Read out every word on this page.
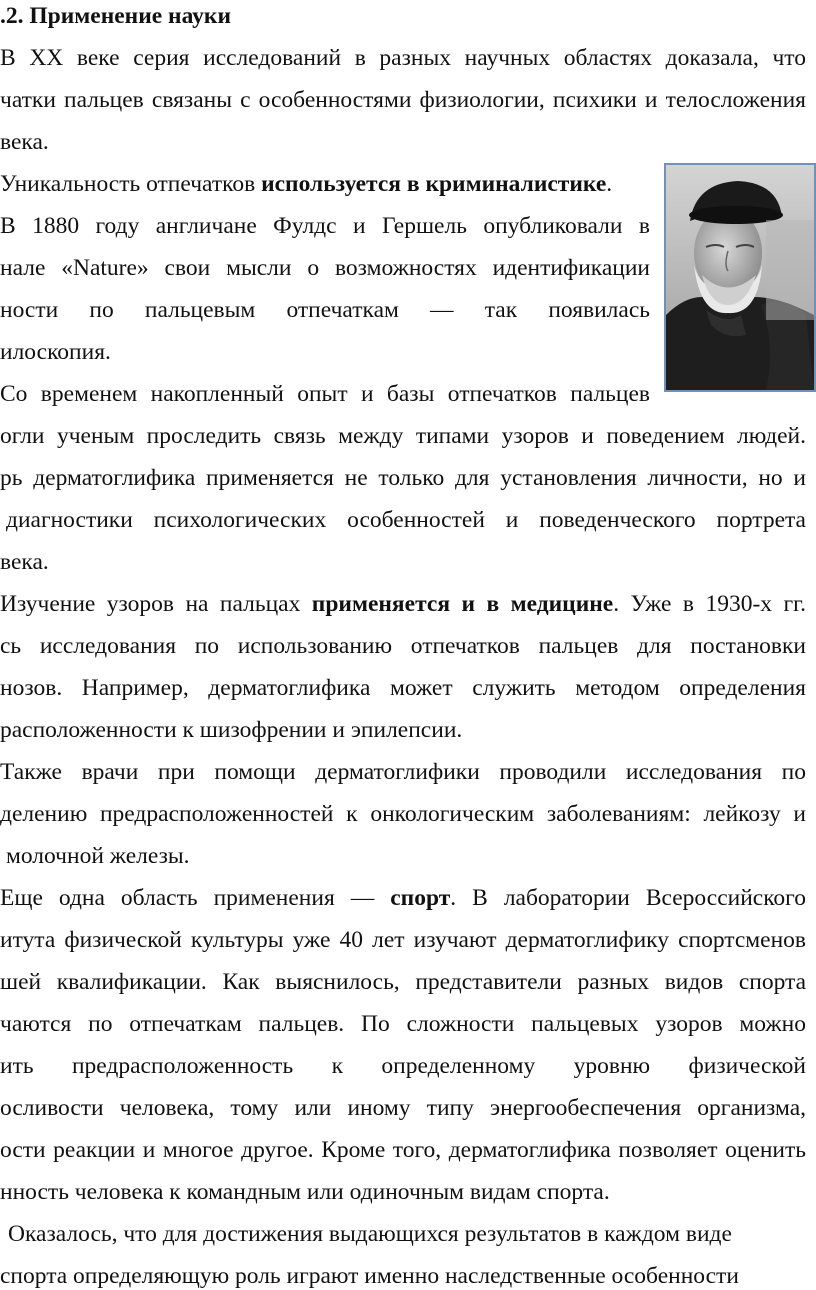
.2. Применение науки
В XX веке серия исследований в разных научных областях доказала, что
чатки пальцев связаны с особенностями физиологии, психики и телосложения
века.
Уникальность отпечатков используется в криминалистике.
В 1880 году англичане Фулдс и Гершель опубликовали в
нале «Nature» свои мысли о возможностях идентификации
ности по пальцевым отпечаткам — так появилась
илоскопия.
Со временем накопленный опыт и базы отпечатков пальцев
огли ученым проследить связь между типами узоров и поведением людей.
рь дерматоглифика применяется не только для установления личности, но и
диагностики психологических особенностей и поведенческого портрета
века.
Изучение узоров на пальцах применяется и в медицине. Уже в 1930-х гг.
сь исследования по использованию отпечатков пальцев для постановки
нозов. Например, дерматоглифика может служить методом определения
расположенности к шизофрении и эпилепсии.
Также врачи при помощи дерматоглифики проводили исследования по
делению предрасположенностей к онкологическим заболеваниям: лейкозу и
молочной железы.
Еще одна область применения — спорт. В лаборатории Всероссийского
итута физической культуры уже 40 лет изучают дерматоглифику спортсменов
шей квалификации. Как выяснилось, представители разных видов спорта
чаются по отпечаткам пальцев. По сложности пальцевых узоров можно
ить предрасположенность к определенному уровню физической
осливости человека, тому или иному типу энергообеспечения организма,
ости реакции и многое другое. Кроме того, дерматоглифика позволяет оценить
нность человека к командным или одиночным видам спорта.
Оказалось, что для достижения выдающихся результатов в каждом виде
спорта определяющую роль играют именно наследственные особенности
